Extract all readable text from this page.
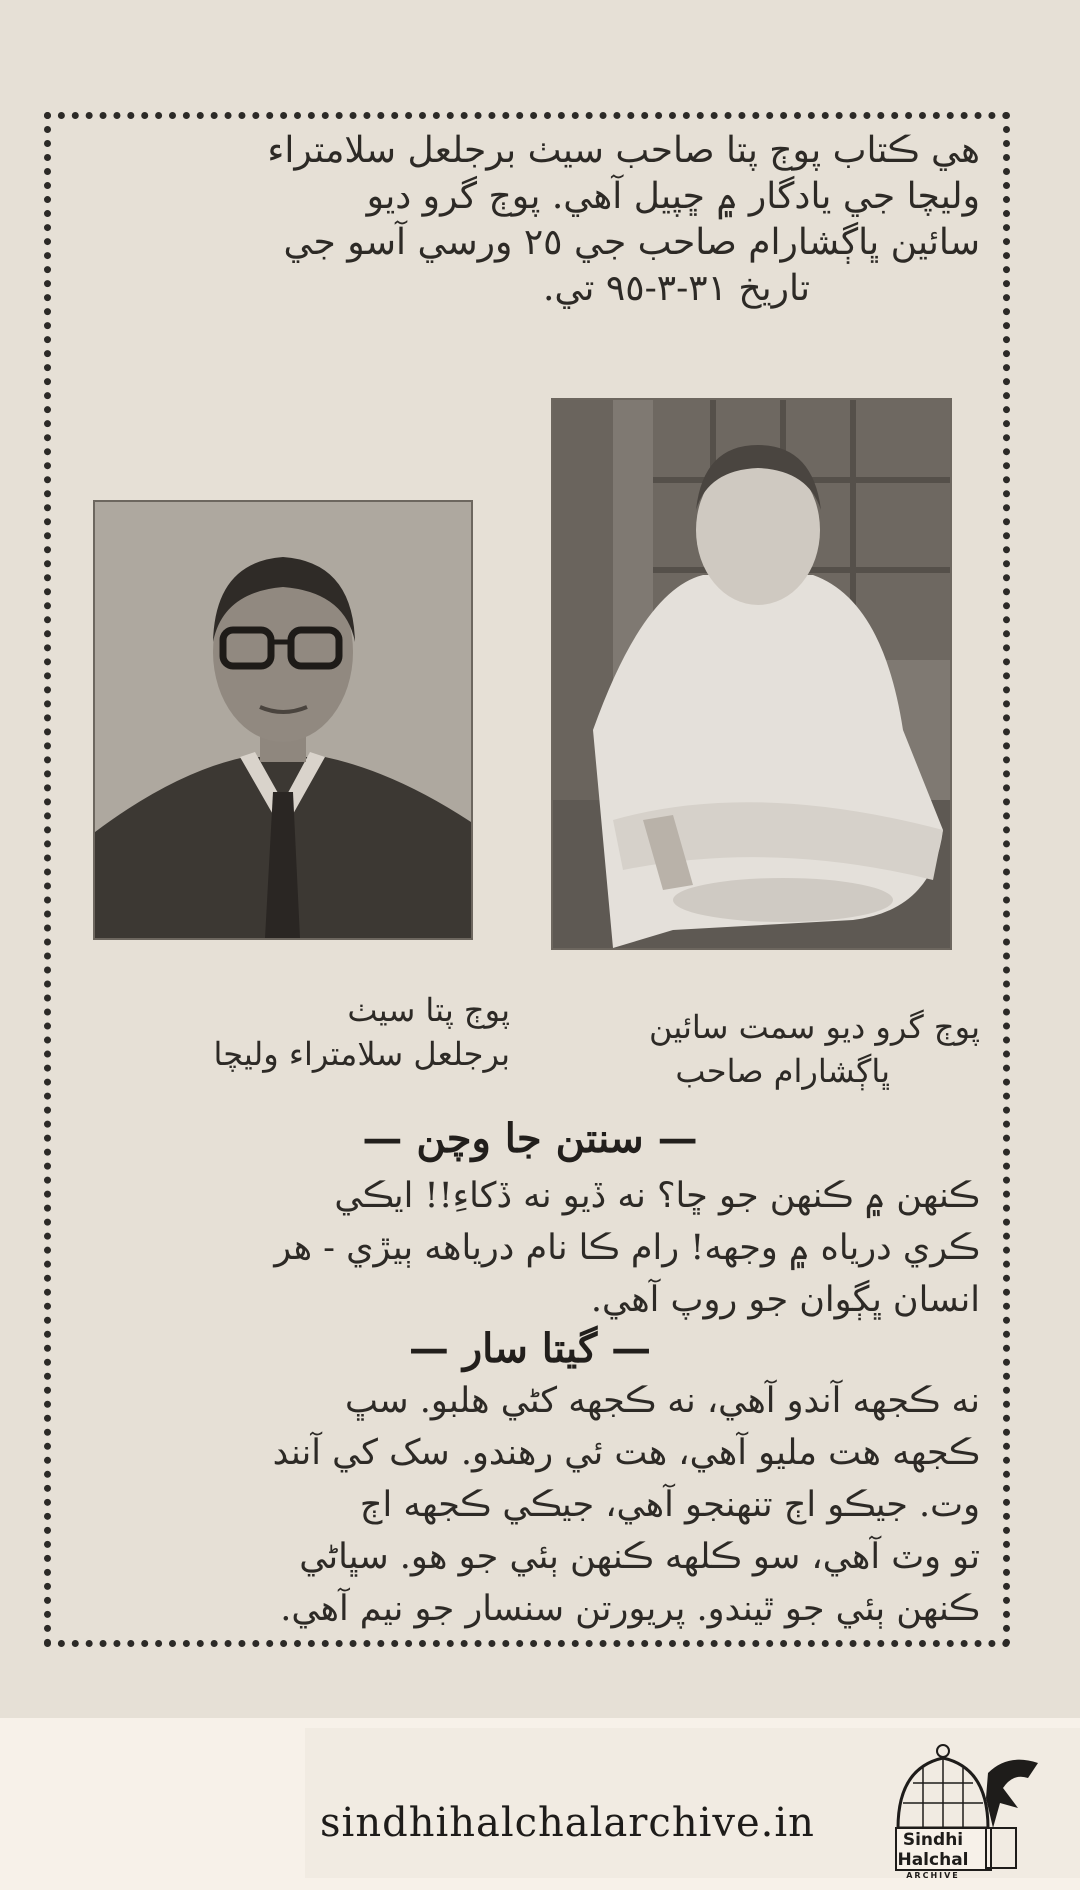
هي ڪتاب پوڄ پتا صاحب سيٺ برجلعل سلامتراء

وليچا جي يادگار ۾ ڇپيل آهي. پوڄ گرو ديو

سائين ڀاڳشارام صاحب جي ٢٥ ورسي آسو جي

تاريخ ٣١-٣-٩٥ تي.

پوڄ پتا سيٺ

برجلعل سلامتراء وليچا

پوڄ گرو ديو سمت سائين

ڀاڳشارام صاحب

— سنتن جا وچن —

ڪنهن ۾ ڪنهن جو ڇا؟ نه ڏيو نه ڏکاءِ!! ايڪي

ڪري درياه ۾ وجهه! رام ڪا نام درياهه ٻيڙي - هر

انسان ڀڳوان جو روپ آهي.

— گيتا سار —

نه ڪجهه آندو آهي، نه ڪجهه کڻي هلبو. سڀ

ڪجهه هت مليو آهي، هت ئي رهندو. سک کي آنند

وت. جيڪو اڄ تنهنجو آهي، جيڪي ڪجهه اڄ

تو وٽ آهي، سو ڪلهه ڪنهن ٻئي جو هو. سڀاڻي

ڪنهن ٻئي جو ٿيندو. پريورتن سنسار جو نيم آهي.

sindhihalchalarchive.in	Sindhi
Halchal
ARCHIVE
